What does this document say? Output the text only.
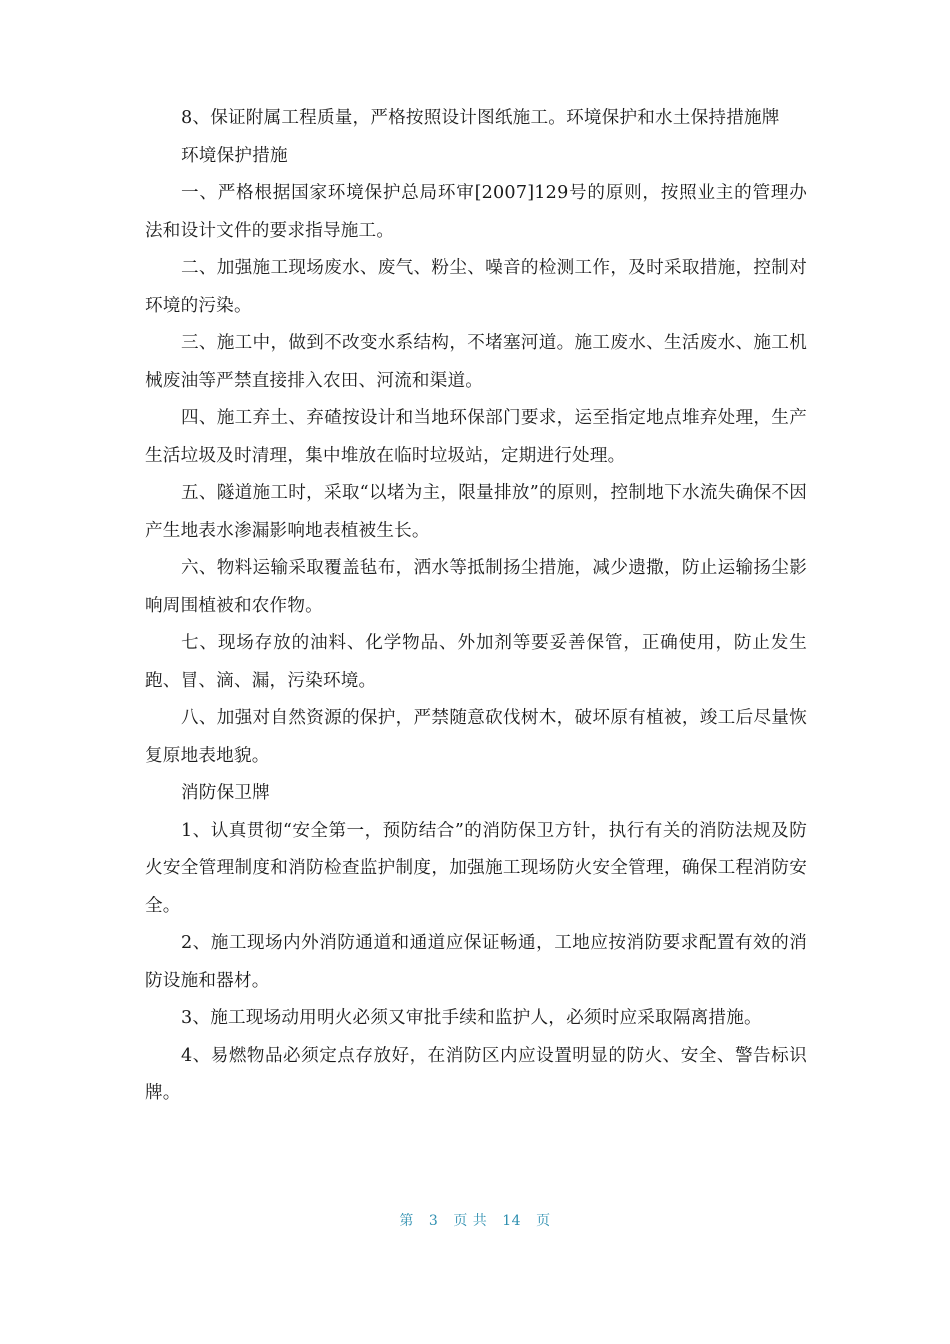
8、保证附属工程质量，严格按照设计图纸施工。环境保护和水土保持措施牌

环境保护措施

一、严格根据国家环境保护总局环审[2007]129号的原则，按照业主的管理办法和设计文件的要求指导施工。

二、加强施工现场废水、废气、粉尘、噪音的检测工作，及时采取措施，控制对环境的污染。

三、施工中，做到不改变水系结构，不堵塞河道。施工废水、生活废水、施工机械废油等严禁直接排入农田、河流和渠道。

四、施工弃土、弃碴按设计和当地环保部门要求，运至指定地点堆弃处理，生产生活垃圾及时清理，集中堆放在临时垃圾站，定期进行处理。

五、隧道施工时，采取“以堵为主，限量排放”的原则，控制地下水流失确保不因产生地表水渗漏影响地表植被生长。

六、物料运输采取覆盖毡布，洒水等抵制扬尘措施，减少遗撒，防止运输扬尘影响周围植被和农作物。

七、现场存放的油料、化学物品、外加剂等要妥善保管，正确使用，防止发生跑、冒、滴、漏，污染环境。

八、加强对自然资源的保护，严禁随意砍伐树木，破坏原有植被，竣工后尽量恢复原地表地貌。

消防保卫牌

1、认真贯彻“安全第一，预防结合”的消防保卫方针，执行有关的消防法规及防火安全管理制度和消防检查监护制度，加强施工现场防火安全管理，确保工程消防安全。

2、施工现场内外消防通道和通道应保证畅通，工地应按消防要求配置有效的消防设施和器材。

3、施工现场动用明火必须又审批手续和监护人，必须时应采取隔离措施。

4、易燃物品必须定点存放好，在消防区内应设置明显的防火、安全、警告标识牌。

第 3 页 共 14 页
